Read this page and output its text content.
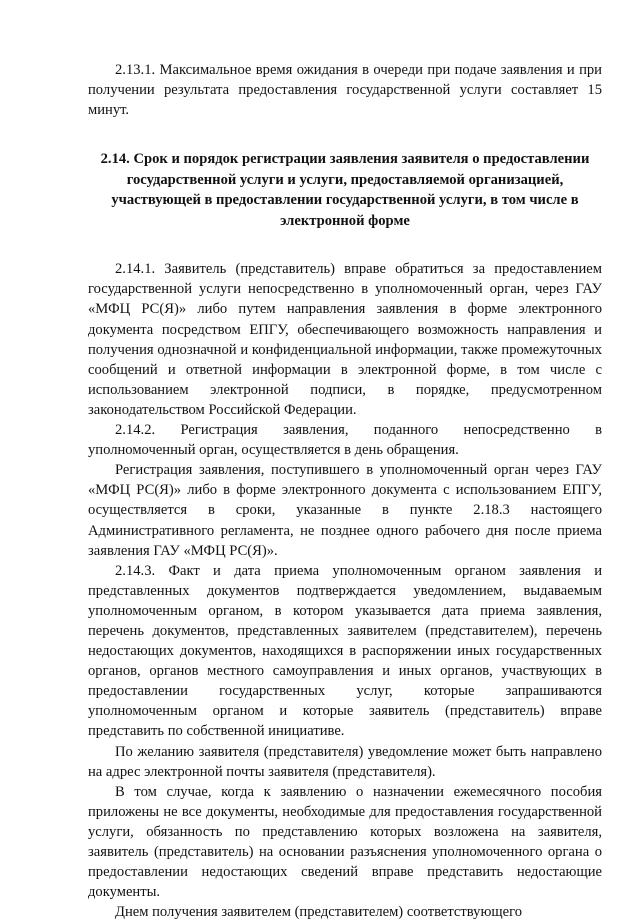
2.13.1. Максимальное время ожидания в очереди при подаче заявления и при получении результата предоставления государственной услуги составляет 15 минут.

2.14. Срок и порядок регистрации заявления заявителя о предоставлении государственной услуги и услуги, предоставляемой организацией, участвующей в предоставлении государственной услуги, в том числе в электронной форме

2.14.1. Заявитель (представитель) вправе обратиться за предоставлением государственной услуги непосредственно в уполномоченный орган, через ГАУ «МФЦ РС(Я)» либо путем направления заявления в форме электронного документа посредством ЕПГУ, обеспечивающего возможность направления и получения однозначной и конфиденциальной информации, также промежуточных сообщений и ответной информации в электронной форме, в том числе с использованием электронной подписи, в порядке, предусмотренном законодательством Российской Федерации.

2.14.2. Регистрация заявления, поданного непосредственно в уполномоченный орган, осуществляется в день обращения.

Регистрация заявления, поступившего в уполномоченный орган через ГАУ «МФЦ РС(Я)» либо в форме электронного документа с использованием ЕПГУ, осуществляется в сроки, указанные в пункте 2.18.3 настоящего Административного регламента, не позднее одного рабочего дня после приема заявления ГАУ «МФЦ РС(Я)».

2.14.3. Факт и дата приема уполномоченным органом заявления и представленных документов подтверждается уведомлением, выдаваемым уполномоченным органом, в котором указывается дата приема заявления, перечень документов, представленных заявителем (представителем), перечень недостающих документов, находящихся в распоряжении иных государственных органов, органов местного самоуправления и иных органов, участвующих в предоставлении государственных услуг, которые запрашиваются уполномоченным органом и которые заявитель (представитель) вправе представить по собственной инициативе.

По желанию заявителя (представителя) уведомление может быть направлено на адрес электронной почты заявителя (представителя).

В том случае, когда к заявлению о назначении ежемесячного пособия приложены не все документы, необходимые для предоставления государственной услуги, обязанность по представлению которых возложена на заявителя, заявитель (представитель) на основании разъяснения уполномоченного органа о предоставлении недостающих сведений вправе представить недостающие документы.

Днем получения заявителем (представителем) соответствующего
